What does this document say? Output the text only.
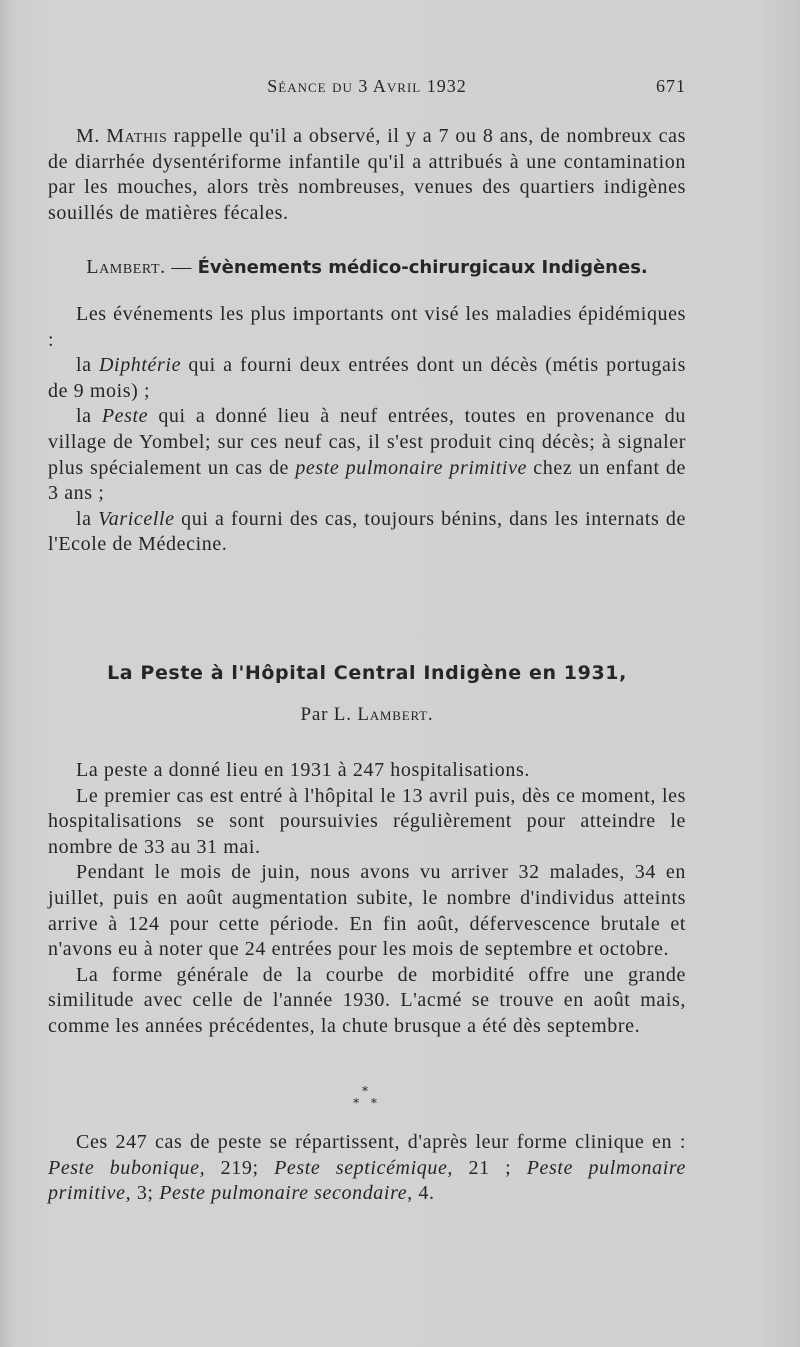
Séance du 3 Avril 1932	671

M. Mathis rappelle qu'il a observé, il y a 7 ou 8 ans, de nombreux cas de diarrhée dysentériforme infantile qu'il a attribués à une contamination par les mouches, alors très nombreuses, venues des quartiers indigènes souillés de matières fécales.

Lambert. — Évènements médico-chirurgicaux Indigènes.

Les événements les plus importants ont visé les maladies épidémiques :

la Diphtérie qui a fourni deux entrées dont un décès (métis portugais de 9 mois) ;

la Peste qui a donné lieu à neuf entrées, toutes en provenance du village de Yombel; sur ces neuf cas, il s'est produit cinq décès; à signaler plus spécialement un cas de peste pulmonaire primitive chez un enfant de 3 ans ;

la Varicelle qui a fourni des cas, toujours bénins, dans les internats de l'Ecole de Médecine.

La Peste à l'Hôpital Central Indigène en 1931,
Par L. Lambert.

La peste a donné lieu en 1931 à 247 hospitalisations.

Le premier cas est entré à l'hôpital le 13 avril puis, dès ce moment, les hospitalisations se sont poursuivies régulièrement pour atteindre le nombre de 33 au 31 mai.

Pendant le mois de juin, nous avons vu arriver 32 malades, 34 en juillet, puis en août augmentation subite, le nombre d'individus atteints arrive à 124 pour cette période. En fin août, défervescence brutale et n'avons eu à noter que 24 entrées pour les mois de septembre et octobre.

La forme générale de la courbe de morbidité offre une grande similitude avec celle de l'année 1930. L'acmé se trouve en août mais, comme les années précédentes, la chute brusque a été dès septembre.

*
* *

Ces 247 cas de peste se répartissent, d'après leur forme clinique en : Peste bubonique, 219; Peste septicémique, 21 ; Peste pulmonaire primitive, 3; Peste pulmonaire secondaire, 4.
